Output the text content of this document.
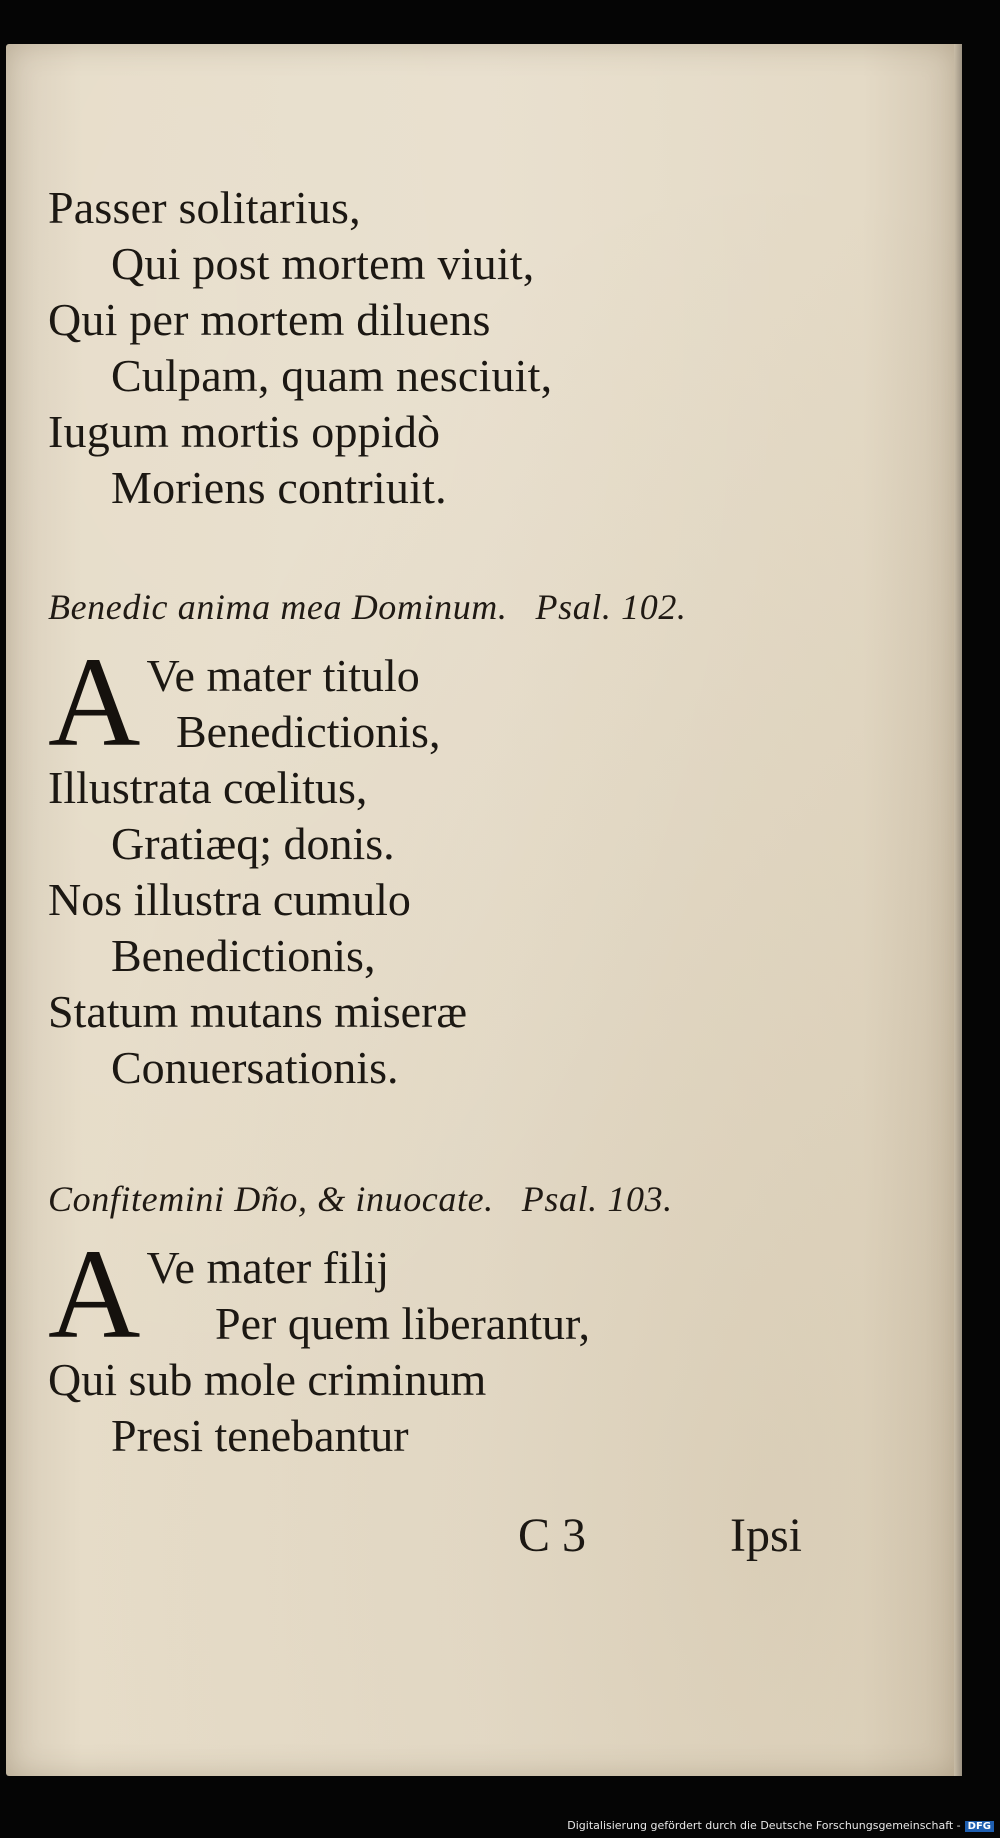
Passer solitarius,
Qui post mortem viuit,
Qui per mortem diluens
Culpam, quam nesciuit,
Iugum mortis oppidò
Moriens contriuit.
Benedic anima mea Dominum. Psal. 102.
A Ve mater titulo
Benedictionis,
Illustrata cœlitus,
Gratiæq; donis.
Nos illustra cumulo
Benedictionis,
Statum mutans miseræ
Conuersationis.
Confitemini Dño, & inuocate. Psal. 103.
A Ve mater filij
Per quem liberantur,
Qui sub mole criminum
Presi tenebantur
C 3	Ipsi
Digitalisierung gefördert durch die Deutsche Forschungsgemeinschaft - DFG
